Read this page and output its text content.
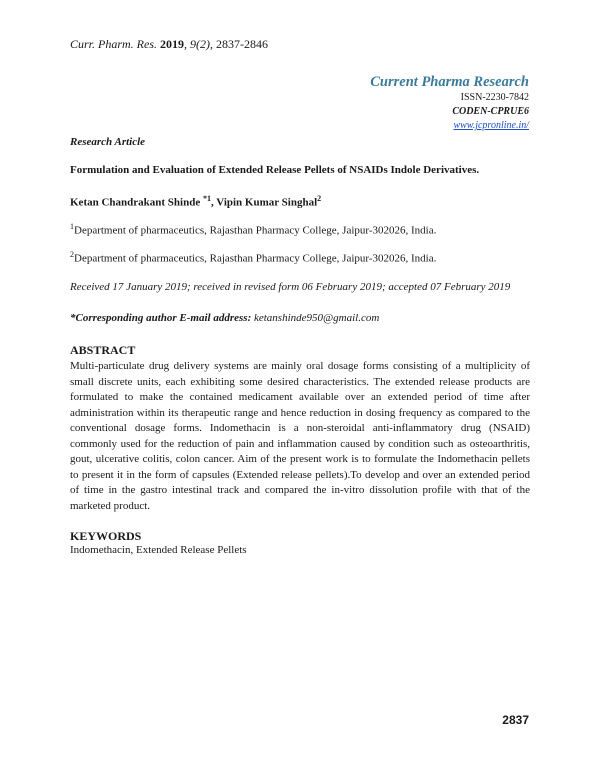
Curr. Pharm. Res. 2019, 9(2), 2837-2846
Current Pharma Research
ISSN-2230-7842
CODEN-CPRUE6
www.jcpronline.in/
Research Article
Formulation and Evaluation of Extended Release Pellets of NSAIDs Indole Derivatives.
Ketan Chandrakant Shinde $^{*1}$, Vipin Kumar Singhal$^2$
$^1$Department of pharmaceutics, Rajasthan Pharmacy College, Jaipur-302026, India.
$^2$Department of pharmaceutics, Rajasthan Pharmacy College, Jaipur-302026, India.
Received 17 January 2019; received in revised form 06 February 2019; accepted 07 February 2019
*Corresponding author E-mail address: ketanshinde950@gmail.com
ABSTRACT
Multi-particulate drug delivery systems are mainly oral dosage forms consisting of a multiplicity of small discrete units, each exhibiting some desired characteristics. The extended release products are formulated to make the contained medicament available over an extended period of time after administration within its therapeutic range and hence reduction in dosing frequency as compared to the conventional dosage forms. Indomethacin is a non-steroidal anti-inflammatory drug (NSAID) commonly used for the reduction of pain and inflammation caused by condition such as osteoarthritis, gout, ulcerative colitis, colon cancer. Aim of the present work is to formulate the Indomethacin pellets to present it in the form of capsules (Extended release pellets).To develop and over an extended period of time in the gastro intestinal track and compared the in-vitro dissolution profile with that of the marketed product.
KEYWORDS
Indomethacin, Extended Release Pellets
2837
